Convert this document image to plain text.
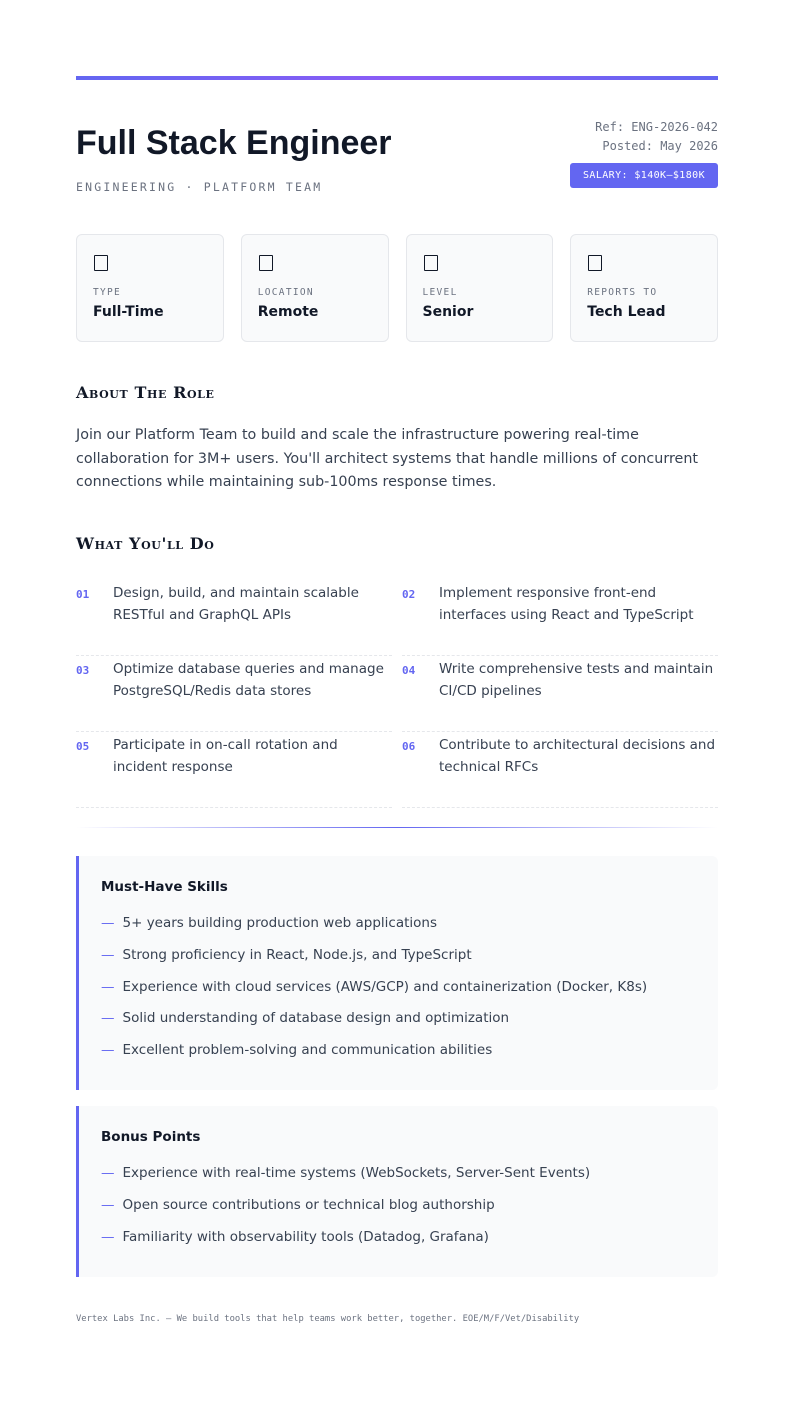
Full Stack Engineer
ENGINEERING · PLATFORM TEAM
Ref: ENG-2026-042
Posted: May 2026
SALARY: $140K–$180K
TYPE
Full-Time
LOCATION
Remote
LEVEL
Senior
REPORTS TO
Tech Lead
About The Role

Join our Platform Team to build and scale the infrastructure powering real-time collaboration for 3M+ users. You'll architect systems that handle millions of concurrent connections while maintaining sub-100ms response times.

What You'll Do
01	Design, build, and maintain scalable RESTful and GraphQL APIs
02	Implement responsive front-end interfaces using React and TypeScript
03	Optimize database queries and manage PostgreSQL/Redis data stores
04	Write comprehensive tests and maintain CI/CD pipelines
05	Participate in on-call rotation and incident response
06	Contribute to architectural decisions and technical RFCs
Must-Have Skills
— 5+ years building production web applications
— Strong proficiency in React, Node.js, and TypeScript
— Experience with cloud services (AWS/GCP) and containerization (Docker, K8s)
— Solid understanding of database design and optimization
— Excellent problem-solving and communication abilities
Bonus Points
— Experience with real-time systems (WebSockets, Server-Sent Events)
— Open source contributions or technical blog authorship
— Familiarity with observability tools (Datadog, Grafana)
Vertex Labs Inc. — We build tools that help teams work better, together. EOE/M/F/Vet/Disability
